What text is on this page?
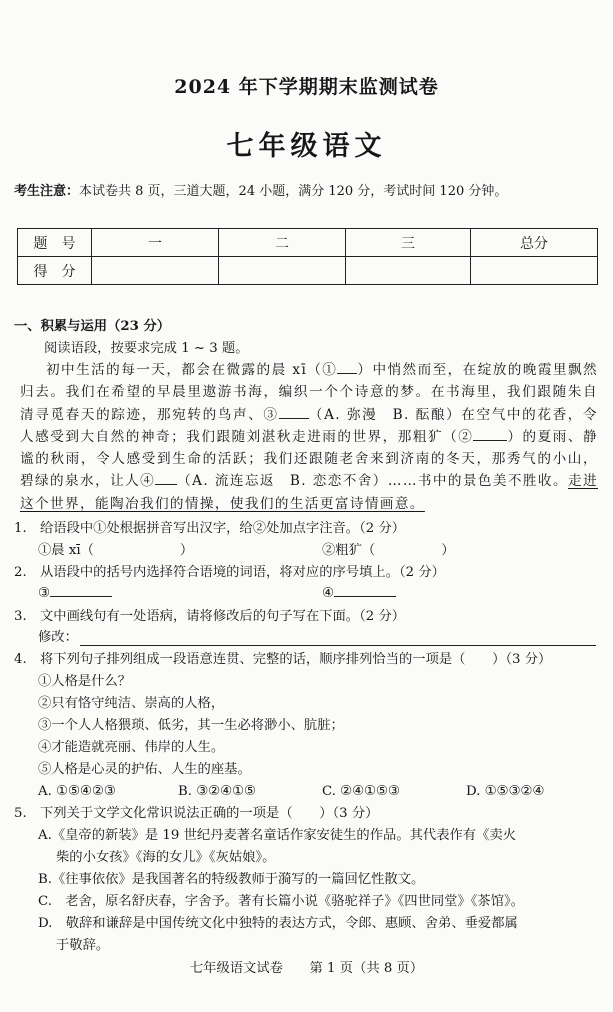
2024 年下学期期末监测试卷
七年级语文
考生注意：本试卷共 8 页，三道大题，24 小题，满分 120 分，考试时间 120 分钟。
题　号	一	二	三	总分
得　分				
一、积累与运用（23 分）
阅读语段，按要求完成 1 ~ 3 题。
初中生活的每一天，都会在微露的晨 xī（① ）中悄然而至，在绽放的晚霞里飘然归去。我们在希望的早晨里遨游书海，编织一个个诗意的梦。在书海里，我们跟随朱自清寻觅春天的踪迹，那宛转的鸟声、③ （A. 弥漫　B. 酝酿）在空气中的花香，令人感受到大自然的神奇；我们跟随刘湛秋走进雨的世界，那粗犷（②	）的夏雨、静谧的秋雨，令人感受到生命的活跃；我们还跟随老舍来到济南的冬天，那秀气的小山，碧绿的泉水，让人④ （A. 流连忘返　B. 恋恋不舍）……书中的景色美不胜收。走进这个世界，能陶冶我们的情操，使我们的生活更富诗情画意。
1.　给语段中①处根据拼音写出汉字，给②处加点字注音。（2 分）
①晨 xī（	）	②粗犷（	）
2.　从语段中的括号内选择符合语境的词语，将对应的序号填上。（2 分）
③	④
3.　文中画线句有一处语病，请将修改后的句子写在下面。（2 分）
修改：
4.　将下列句子排列组成一段语意连贯、完整的话，顺序排列恰当的一项是（　　）（3 分）
①人格是什么？
②只有恪守纯洁、崇高的人格，
③一个人人格猥琐、低劣，其一生必将渺小、肮脏；
④才能造就亮丽、伟岸的人生。
⑤人格是心灵的护佑、人生的座基。
A. ①⑤④②③	B. ③②④①⑤	C. ②④①⑤③	D. ①⑤③②④
5.　下列关于文学文化常识说法正确的一项是（　　）（3 分）
A.《皇帝的新装》是 19 世纪丹麦著名童话作家安徒生的作品。其代表作有《卖火
柴的小女孩》《海的女儿》《灰姑娘》。
B.《往事依依》是我国著名的特级教师于漪写的一篇回忆性散文。
C.　老舍，原名舒庆春，字舍予。著有长篇小说《骆驼祥子》《四世同堂》《茶馆》。
D.　敬辞和谦辞是中国传统文化中独特的表达方式，令郎、惠顾、舍弟、垂爱都属
于敬辞。
七年级语文试卷　　第 1 页（共 8 页）
